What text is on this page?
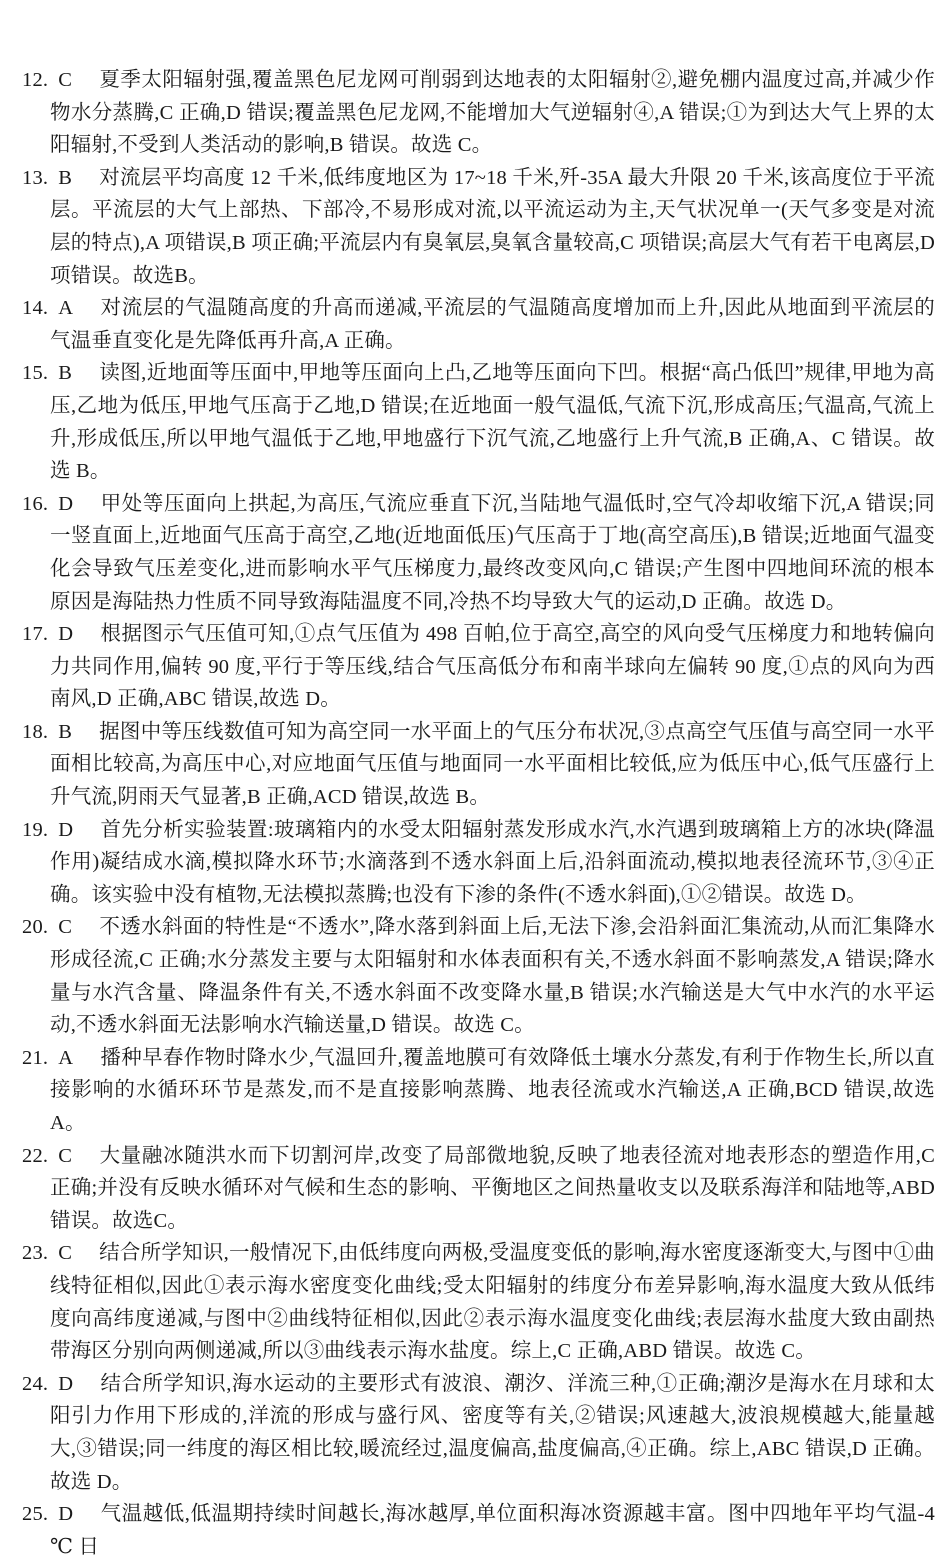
12. C 夏季太阳辐射强,覆盖黑色尼龙网可削弱到达地表的太阳辐射②,避免棚内温度过高,并减少作物水分蒸腾,C 正确,D 错误;覆盖黑色尼龙网,不能增加大气逆辐射④,A 错误;①为到达大气上界的太阳辐射,不受到人类活动的影响,B 错误。故选 C。

13. B 对流层平均高度 12 千米,低纬度地区为 17~18 千米,歼-35A 最大升限 20 千米,该高度位于平流层。平流层的大气上部热、下部冷,不易形成对流,以平流运动为主,天气状况单一(天气多变是对流层的特点),A 项错误,B 项正确;平流层内有臭氧层,臭氧含量较高,C 项错误;高层大气有若干电离层,D 项错误。故选B。

14. A 对流层的气温随高度的升高而递减,平流层的气温随高度增加而上升,因此从地面到平流层的气温垂直变化是先降低再升高,A 正确。

15. B 读图,近地面等压面中,甲地等压面向上凸,乙地等压面向下凹。根据“高凸低凹”规律,甲地为高压,乙地为低压,甲地气压高于乙地,D 错误;在近地面一般气温低,气流下沉,形成高压;气温高,气流上升,形成低压,所以甲地气温低于乙地,甲地盛行下沉气流,乙地盛行上升气流,B 正确,A、C 错误。故选 B。

16. D 甲处等压面向上拱起,为高压,气流应垂直下沉,当陆地气温低时,空气冷却收缩下沉,A 错误;同一竖直面上,近地面气压高于高空,乙地(近地面低压)气压高于丁地(高空高压),B 错误;近地面气温变化会导致气压差变化,进而影响水平气压梯度力,最终改变风向,C 错误;产生图中四地间环流的根本原因是海陆热力性质不同导致海陆温度不同,冷热不均导致大气的运动,D 正确。故选 D。

17. D 根据图示气压值可知,①点气压值为 498 百帕,位于高空,高空的风向受气压梯度力和地转偏向力共同作用,偏转 90 度,平行于等压线,结合气压高低分布和南半球向左偏转 90 度,①点的风向为西南风,D 正确,ABC 错误,故选 D。

18. B 据图中等压线数值可知为高空同一水平面上的气压分布状况,③点高空气压值与高空同一水平面相比较高,为高压中心,对应地面气压值与地面同一水平面相比较低,应为低压中心,低气压盛行上升气流,阴雨天气显著,B 正确,ACD 错误,故选 B。

19. D 首先分析实验装置:玻璃箱内的水受太阳辐射蒸发形成水汽,水汽遇到玻璃箱上方的冰块(降温作用)凝结成水滴,模拟降水环节;水滴落到不透水斜面上后,沿斜面流动,模拟地表径流环节,③④正确。该实验中没有植物,无法模拟蒸腾;也没有下渗的条件(不透水斜面),①②错误。故选 D。

20. C 不透水斜面的特性是“不透水”,降水落到斜面上后,无法下渗,会沿斜面汇集流动,从而汇集降水形成径流,C 正确;水分蒸发主要与太阳辐射和水体表面积有关,不透水斜面不影响蒸发,A 错误;降水量与水汽含量、降温条件有关,不透水斜面不改变降水量,B 错误;水汽输送是大气中水汽的水平运动,不透水斜面无法影响水汽输送量,D 错误。故选 C。

21. A 播种早春作物时降水少,气温回升,覆盖地膜可有效降低土壤水分蒸发,有利于作物生长,所以直接影响的水循环环节是蒸发,而不是直接影响蒸腾、地表径流或水汽输送,A 正确,BCD 错误,故选 A。

22. C 大量融冰随洪水而下切割河岸,改变了局部微地貌,反映了地表径流对地表形态的塑造作用,C 正确;并没有反映水循环对气候和生态的影响、平衡地区之间热量收支以及联系海洋和陆地等,ABD 错误。故选C。

23. C 结合所学知识,一般情况下,由低纬度向两极,受温度变低的影响,海水密度逐渐变大,与图中①曲线特征相似,因此①表示海水密度变化曲线;受太阳辐射的纬度分布差异影响,海水温度大致从低纬度向高纬度递减,与图中②曲线特征相似,因此②表示海水温度变化曲线;表层海水盐度大致由副热带海区分别向两侧递减,所以③曲线表示海水盐度。综上,C 正确,ABD 错误。故选 C。

24. D 结合所学知识,海水运动的主要形式有波浪、潮汐、洋流三种,①正确;潮汐是海水在月球和太阳引力作用下形成的,洋流的形成与盛行风、密度等有关,②错误;风速越大,波浪规模越大,能量越大,③错误;同一纬度的海区相比较,暖流经过,温度偏高,盐度偏高,④正确。综上,ABC 错误,D 正确。故选 D。

25. D 气温越低,低温期持续时间越长,海冰越厚,单位面积海冰资源越丰富。图中四地年平均气温-4 ℃ 日
